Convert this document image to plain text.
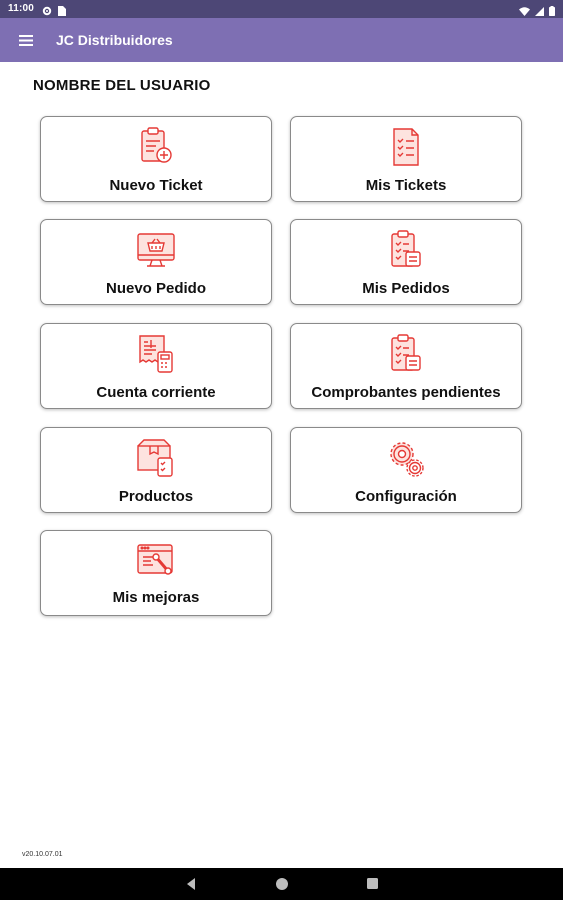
11:00
JC Distribuidores
NOMBRE DEL USUARIO
Nuevo Ticket	Mis Tickets
Nuevo Pedido	Mis Pedidos
Cuenta corriente	Comprobantes pendientes
Productos	Configuración
Mis mejoras
v20.10.07.01
